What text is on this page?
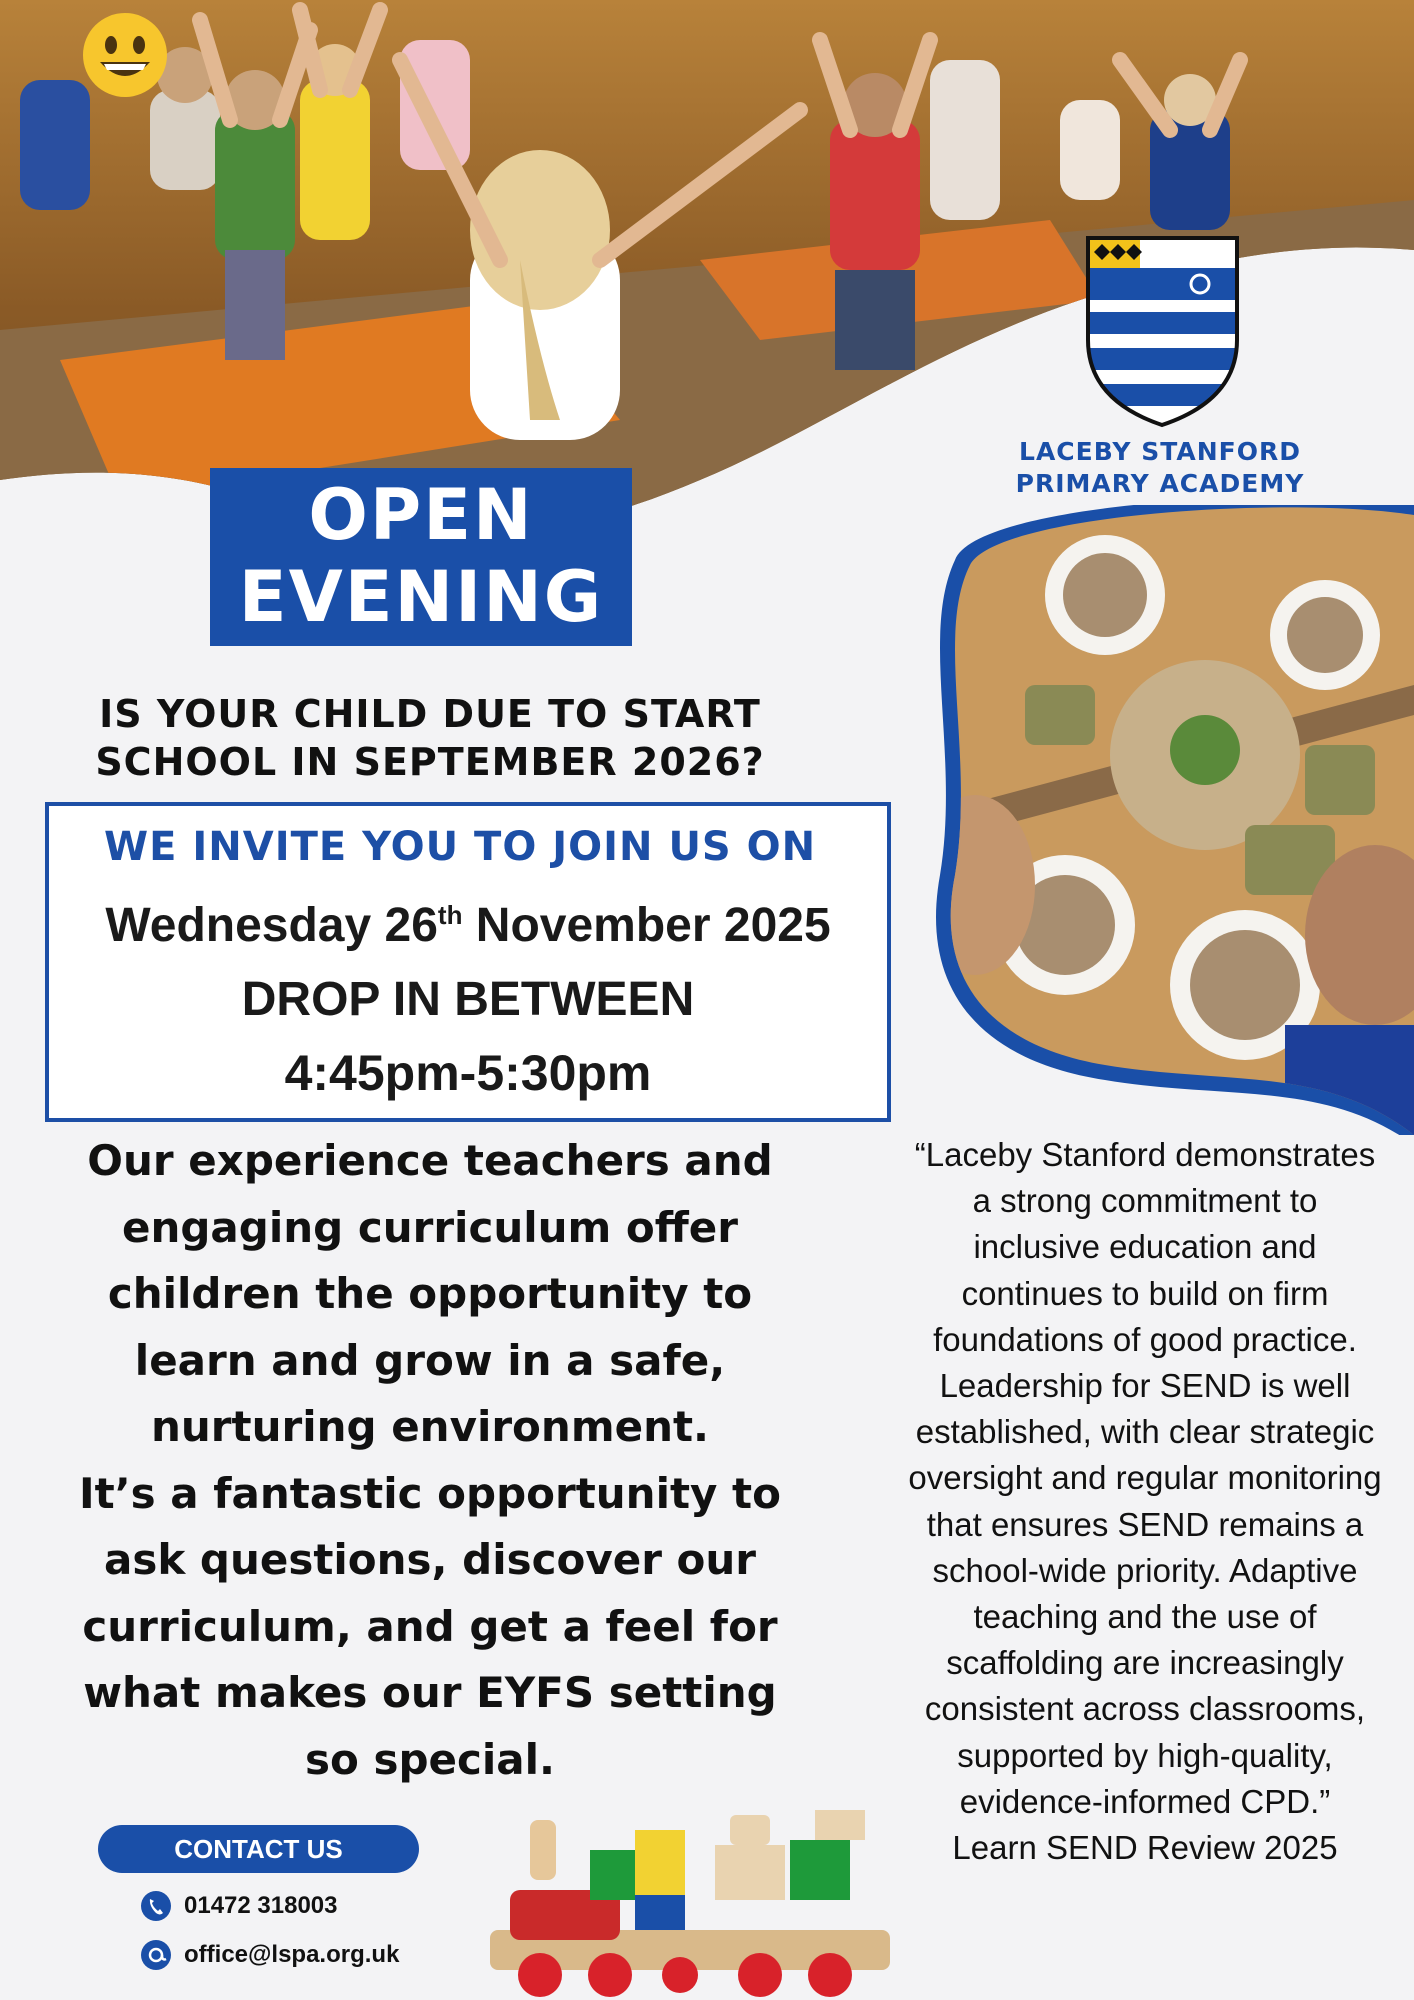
LACEBY STANFORD
PRIMARY ACADEMY
OPEN
EVENING
IS YOUR CHILD DUE TO START
SCHOOL IN SEPTEMBER 2026?
WE INVITE YOU TO JOIN US ON
Wednesday 26th November 2025
DROP IN BETWEEN
4:45pm-5:30pm

Our experience teachers and engaging curriculum offer children the opportunity to learn and grow in a safe, nurturing environment.

It’s a fantastic opportunity to ask questions, discover our curriculum, and get a feel for what makes our EYFS setting so special.

“Laceby Stanford demonstrates a strong commitment to inclusive education and continues to build on firm foundations of good practice. Leadership for SEND is well established, with clear strategic oversight and regular monitoring that ensures SEND remains a school-wide priority. Adaptive teaching and the use of scaffolding are increasingly consistent across classrooms, supported by high-quality, evidence-informed CPD.”

Learn SEND Review 2025

CONTACT US
01472 318003
office@lspa.org.uk
